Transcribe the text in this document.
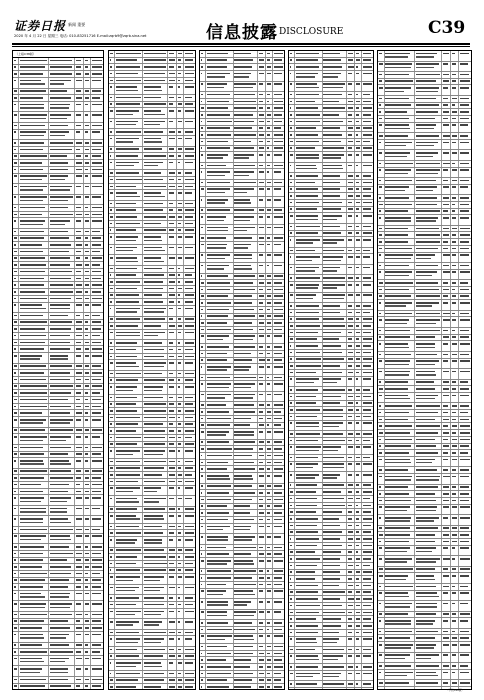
证券日报 新闻 重要
2020 年 4 月 22 日 星期三 电话: 010-83251716 E-mail:zqrb9@zqrb.sina.net	信息披露 DISCLOSURE	C39
（上接C38版）
（下转C40版）
